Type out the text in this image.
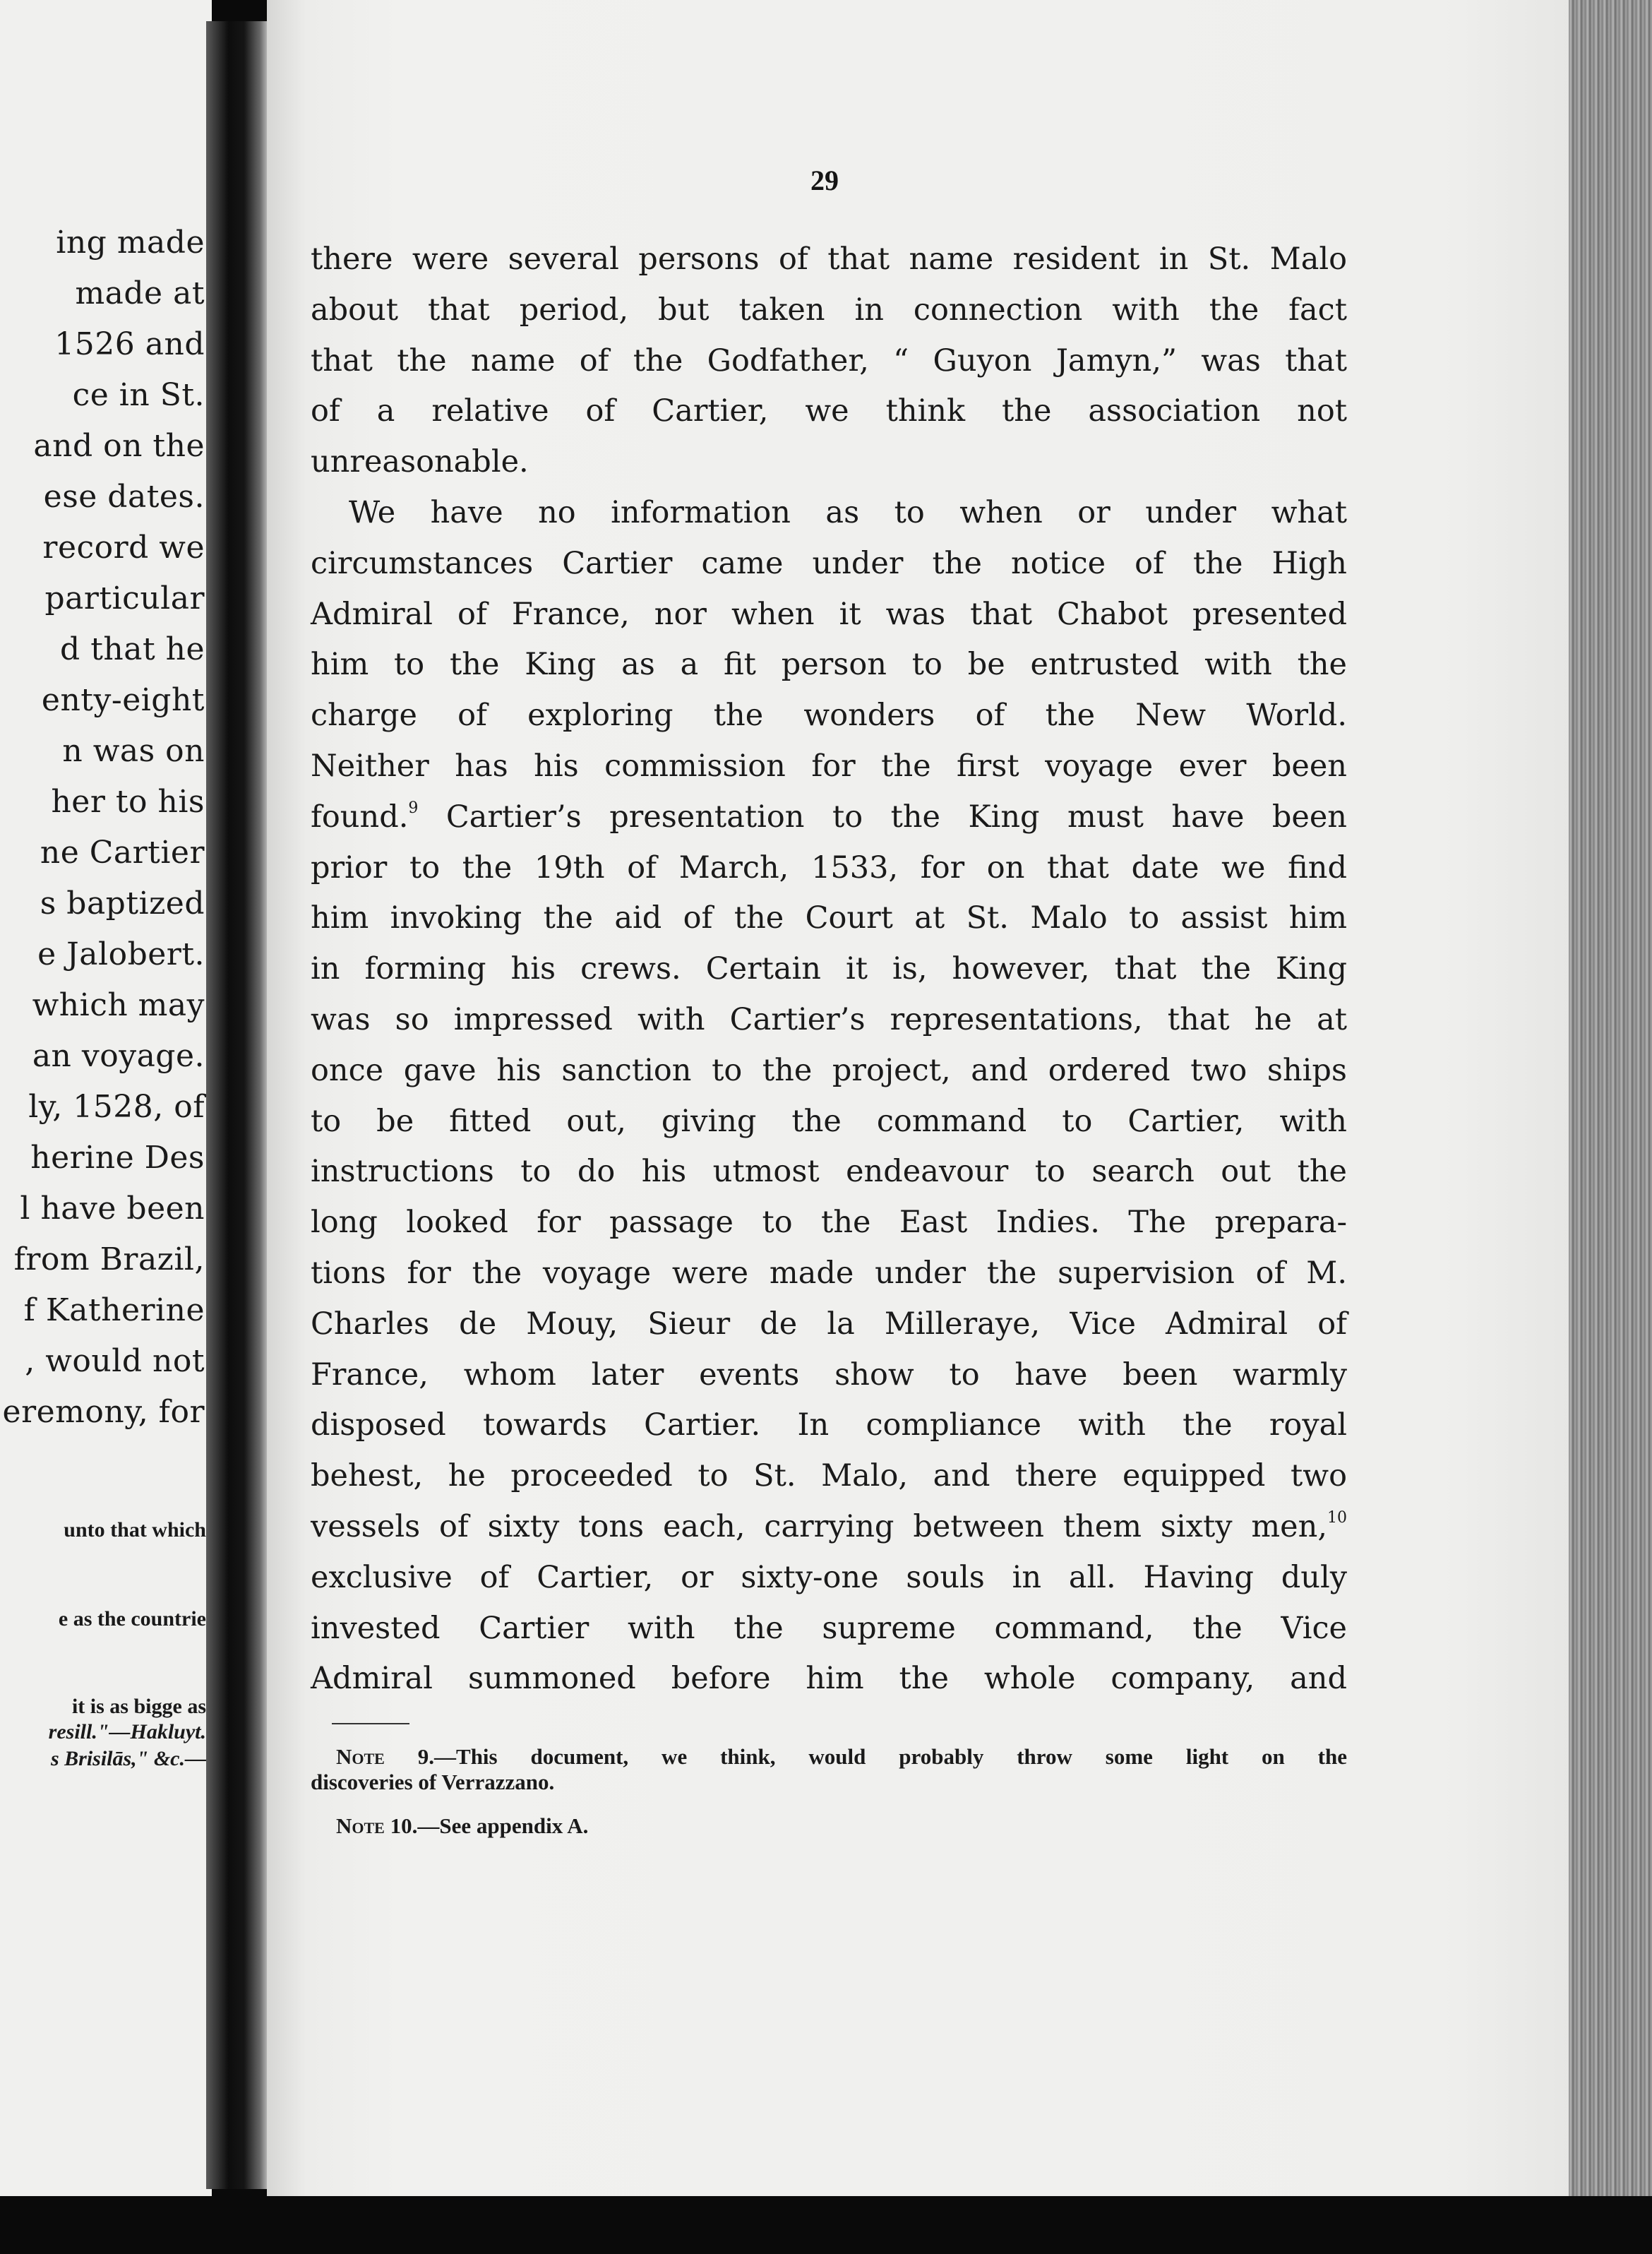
ing made
made at
1526 and
ce in St.
and on the
ese dates.
record we
particular
d that he
enty-eight
n was on
her to his
ne Cartier
s baptized
e Jalobert.
which may
an voyage.
ly, 1528, of
herine Des
l have been
from Brazil,
f Katherine
, would not
eremony, for
unto that which
e as the countrie
it is as bigge as
resill."—Hakluyt.
s Brisilās," &c.—
29
there were several persons of that name resident in St. Malo
about that period, but taken in connection with the fact
that the name of the Godfather, “ Guyon Jamyn,” was that
of a relative of Cartier, we think the association not
unreasonable.
We have no information as to when or under what
circumstances Cartier came under the notice of the High
Admiral of France, nor when it was that Chabot presented
him to the King as a fit person to be entrusted with the
charge of exploring the wonders of the New World.
Neither has his commission for the first voyage ever been
found.$^9$ Cartier’s presentation to the King must have been
prior to the 19th of March, 1533, for on that date we find
him invoking the aid of the Court at St. Malo to assist him
in forming his crews. Certain it is, however, that the King
was so impressed with Cartier’s representations, that he at
once gave his sanction to the project, and ordered two ships
to be fitted out, giving the command to Cartier, with
instructions to do his utmost endeavour to search out the
long looked for passage to the East Indies. The prepara-
tions for the voyage were made under the supervision of M.
Charles de Mouy, Sieur de la Milleraye, Vice Admiral of
France, whom later events show to have been warmly
disposed towards Cartier. In compliance with the royal
behest, he proceeded to St. Malo, and there equipped two
vessels of sixty tons each, carrying between them sixty men,$^{10}$
exclusive of Cartier, or sixty-one souls in all. Having duly
invested Cartier with the supreme command, the Vice
Admiral summoned before him the whole company, and
Note 9.—This document, we think, would probably throw some light on the
discoveries of Verrazzano.
Note 10.—See appendix A.
